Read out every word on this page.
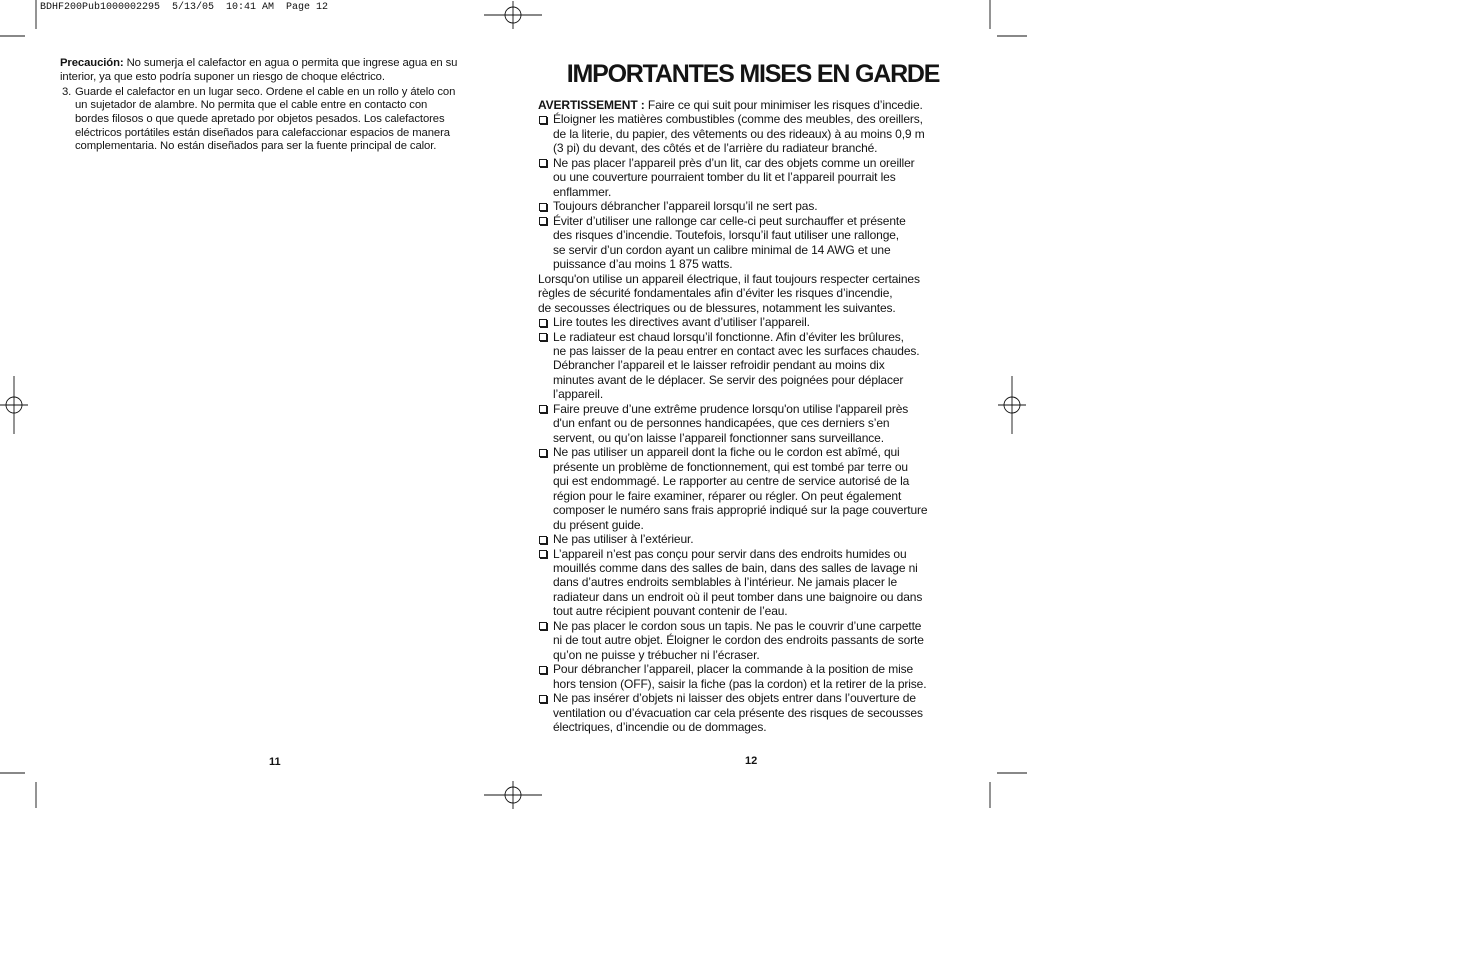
BDHF200Pub1000002295  5/13/05  10:41 AM  Page 12
Precaución: No sumerja el calefactor en agua o permita que ingrese agua en su
interior, ya que esto podría suponer un riesgo de choque eléctrico.
3. Guarde el calefactor en un lugar seco. Ordene el cable en un rollo y átelo con
un sujetador de alambre. No permita que el cable entre en contacto con
bordes filosos o que quede apretado por objetos pesados. Los calefactores
eléctricos portátiles están diseñados para calefaccionar espacios de manera
complementaria. No están diseñados para ser la fuente principal de calor.
11
IMPORTANTES MISES EN GARDE
AVERTISSEMENT : Faire ce qui suit pour minimiser les risques d’incedie.
Éloigner les matières combustibles (comme des meubles, des oreillers,
de la literie, du papier, des vêtements ou des rideaux) à au moins 0,9 m
(3 pi) du devant, des côtés et de l’arrière du radiateur branché.
Ne pas placer l’appareil près d’un lit, car des objets comme un oreiller
ou une couverture pourraient tomber du lit et l’appareil pourrait les
enflammer.
Toujours débrancher l’appareil lorsqu’il ne sert pas.
Éviter d’utiliser une rallonge car celle-ci peut surchauffer et présente
des risques d’incendie. Toutefois, lorsqu’il faut utiliser une rallonge,
se servir d’un cordon ayant un calibre minimal de 14 AWG et une
puissance d’au moins 1 875 watts.
Lorsqu'on utilise un appareil électrique, il faut toujours respecter certaines
règles de sécurité fondamentales afin d’éviter les risques d’incendie,
de secousses électriques ou de blessures, notamment les suivantes.
Lire toutes les directives avant d’utiliser l’appareil.
Le radiateur est chaud lorsqu’il fonctionne. Afin d’éviter les brûlures,
ne pas laisser de la peau entrer en contact avec les surfaces chaudes.
Débrancher l’appareil et le laisser refroidir pendant au moins dix
minutes avant de le déplacer. Se servir des poignées pour déplacer
l’appareil.
Faire preuve d’une extrême prudence lorsqu'on utilise l'appareil près
d'un enfant ou de personnes handicapées, que ces derniers s’en
servent, ou qu’on laisse l’appareil fonctionner sans surveillance.
Ne pas utiliser un appareil dont la fiche ou le cordon est abîmé, qui
présente un problème de fonctionnement, qui est tombé par terre ou
qui est endommagé. Le rapporter au centre de service autorisé de la
région pour le faire examiner, réparer ou régler. On peut également
composer le numéro sans frais approprié indiqué sur la page couverture
du présent guide.
Ne pas utiliser à l’extérieur.
L’appareil n’est pas conçu pour servir dans des endroits humides ou
mouillés comme dans des salles de bain, dans des salles de lavage ni
dans d’autres endroits semblables à l’intérieur. Ne jamais placer le
radiateur dans un endroit où il peut tomber dans une baignoire ou dans
tout autre récipient pouvant contenir de l’eau.
Ne pas placer le cordon sous un tapis. Ne pas le couvrir d’une carpette
ni de tout autre objet. Éloigner le cordon des endroits passants de sorte
qu’on ne puisse y trébucher ni l’écraser.
Pour débrancher l’appareil, placer la commande à la position de mise
hors tension (OFF), saisir la fiche (pas la cordon) et la retirer de la prise.
Ne pas insérer d’objets ni laisser des objets entrer dans l’ouverture de
ventilation ou d’évacuation car cela présente des risques de secousses
électriques, d’incendie ou de dommages.
12
